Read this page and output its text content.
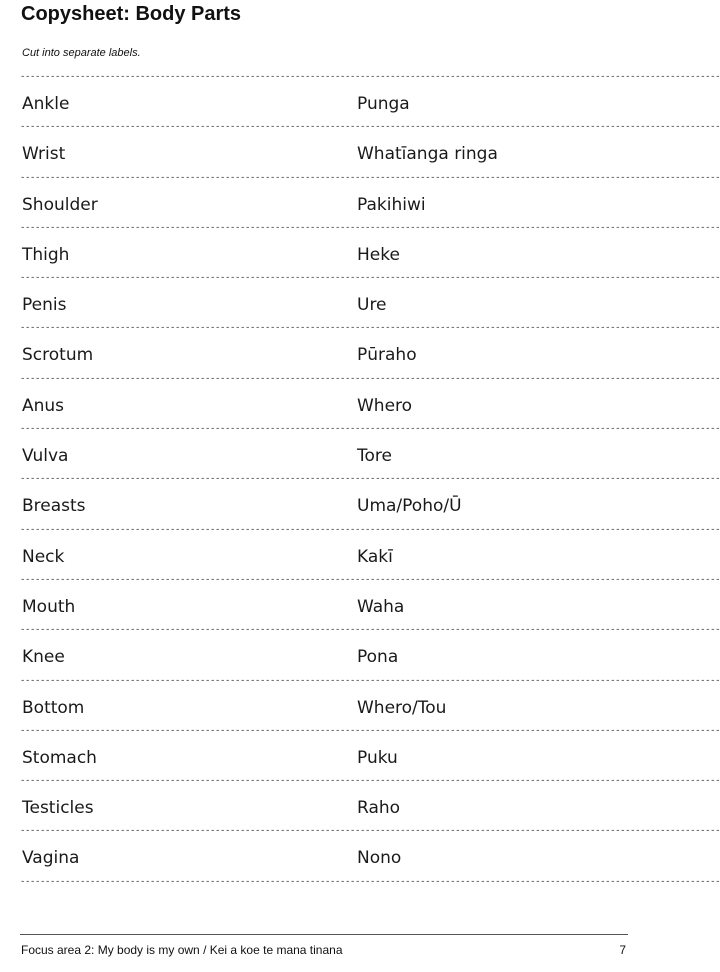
Copysheet: Body Parts
Cut into separate labels.
--------------------------------------------------------------------------------------------------------------------------------------------
Ankle	Punga
--------------------------------------------------------------------------------------------------------------------------------------------
Wrist	Whatīanga ringa
--------------------------------------------------------------------------------------------------------------------------------------------
Shoulder	Pakihiwi
--------------------------------------------------------------------------------------------------------------------------------------------
Thigh	Heke
--------------------------------------------------------------------------------------------------------------------------------------------
Penis	Ure
--------------------------------------------------------------------------------------------------------------------------------------------
Scrotum	Pūraho
--------------------------------------------------------------------------------------------------------------------------------------------
Anus	Whero
--------------------------------------------------------------------------------------------------------------------------------------------
Vulva	Tore
--------------------------------------------------------------------------------------------------------------------------------------------
Breasts	Uma/Poho/Ū
--------------------------------------------------------------------------------------------------------------------------------------------
Neck	Kakī
--------------------------------------------------------------------------------------------------------------------------------------------
Mouth	Waha
--------------------------------------------------------------------------------------------------------------------------------------------
Knee	Pona
--------------------------------------------------------------------------------------------------------------------------------------------
Bottom	Whero/Tou
--------------------------------------------------------------------------------------------------------------------------------------------
Stomach	Puku
--------------------------------------------------------------------------------------------------------------------------------------------
Testicles	Raho
--------------------------------------------------------------------------------------------------------------------------------------------
Vagina	Nono
--------------------------------------------------------------------------------------------------------------------------------------------
Focus area 2: My body is my own / Kei a koe te mana tinana	7
